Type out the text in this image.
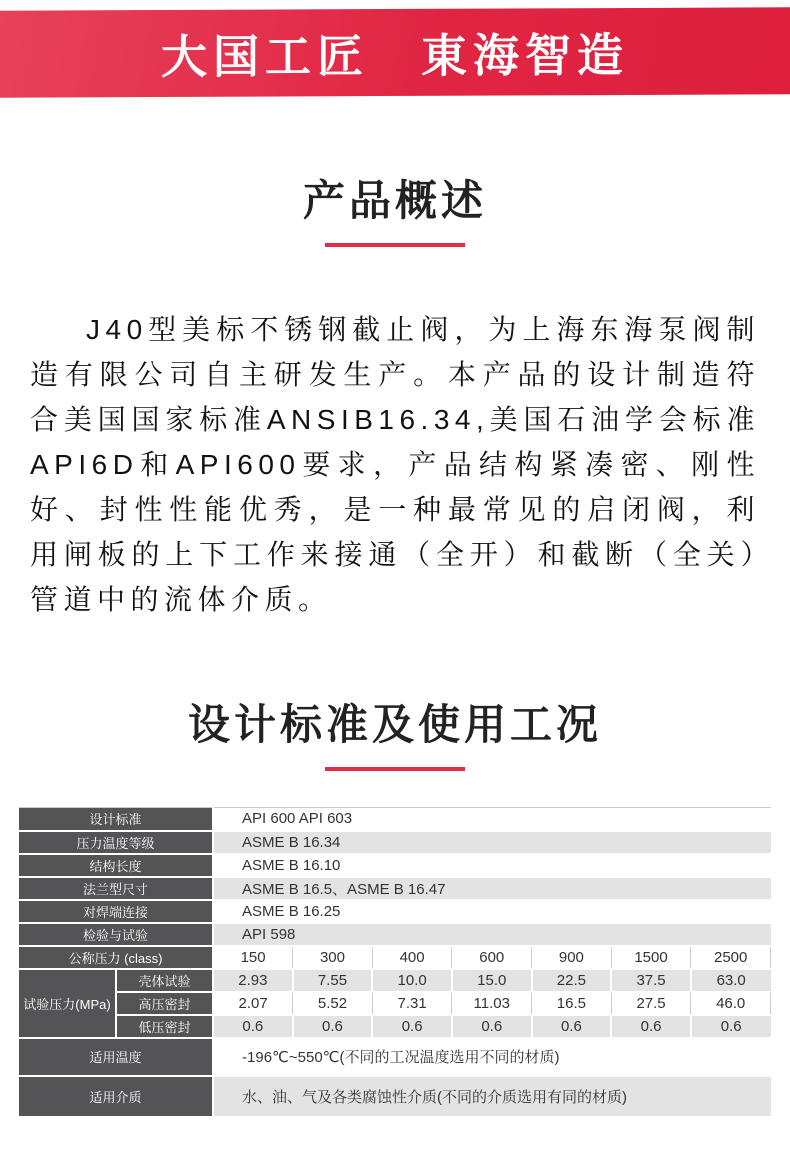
大国工匠　東海智造
产品概述

J40型美标不锈钢截止阀，为上海东海泵阀制造有限公司自主研发生产。本产品的设计制造符合美国国家标准ANSIB16.34,美国石油学会标准API6D和API600要求，产品结构紧凑密、刚性好、封性性能优秀，是一种最常见的启闭阀，利用闸板的上下工作来接通（全开）和截断（全关）管道中的流体介质。

设计标准及使用工况
设计标准		API 600 API 603						
压力温度等级		ASME B 16.34						
结构长度		ASME B 16.10						
法兰型尺寸		ASME B 16.5、ASME B 16.47						
对焊端连接		ASME B 16.25						
检验与试验		API 598						
公称压力 (class)		150	300	400	600	900	1500	2500
试验压力(MPa)	壳体试验	2.93	7.55	10.0	15.0	22.5	37.5	63.0
	高压密封	2.07	5.52	7.31	11.03	16.5	27.5	46.0
	低压密封	0.6	0.6	0.6	0.6	0.6	0.6	0.6
适用温度		-196℃~550℃(不同的工况温度选用不同的材质)						
适用介质		水、油、气及各类腐蚀性介质(不同的介质选用有同的材质)						
